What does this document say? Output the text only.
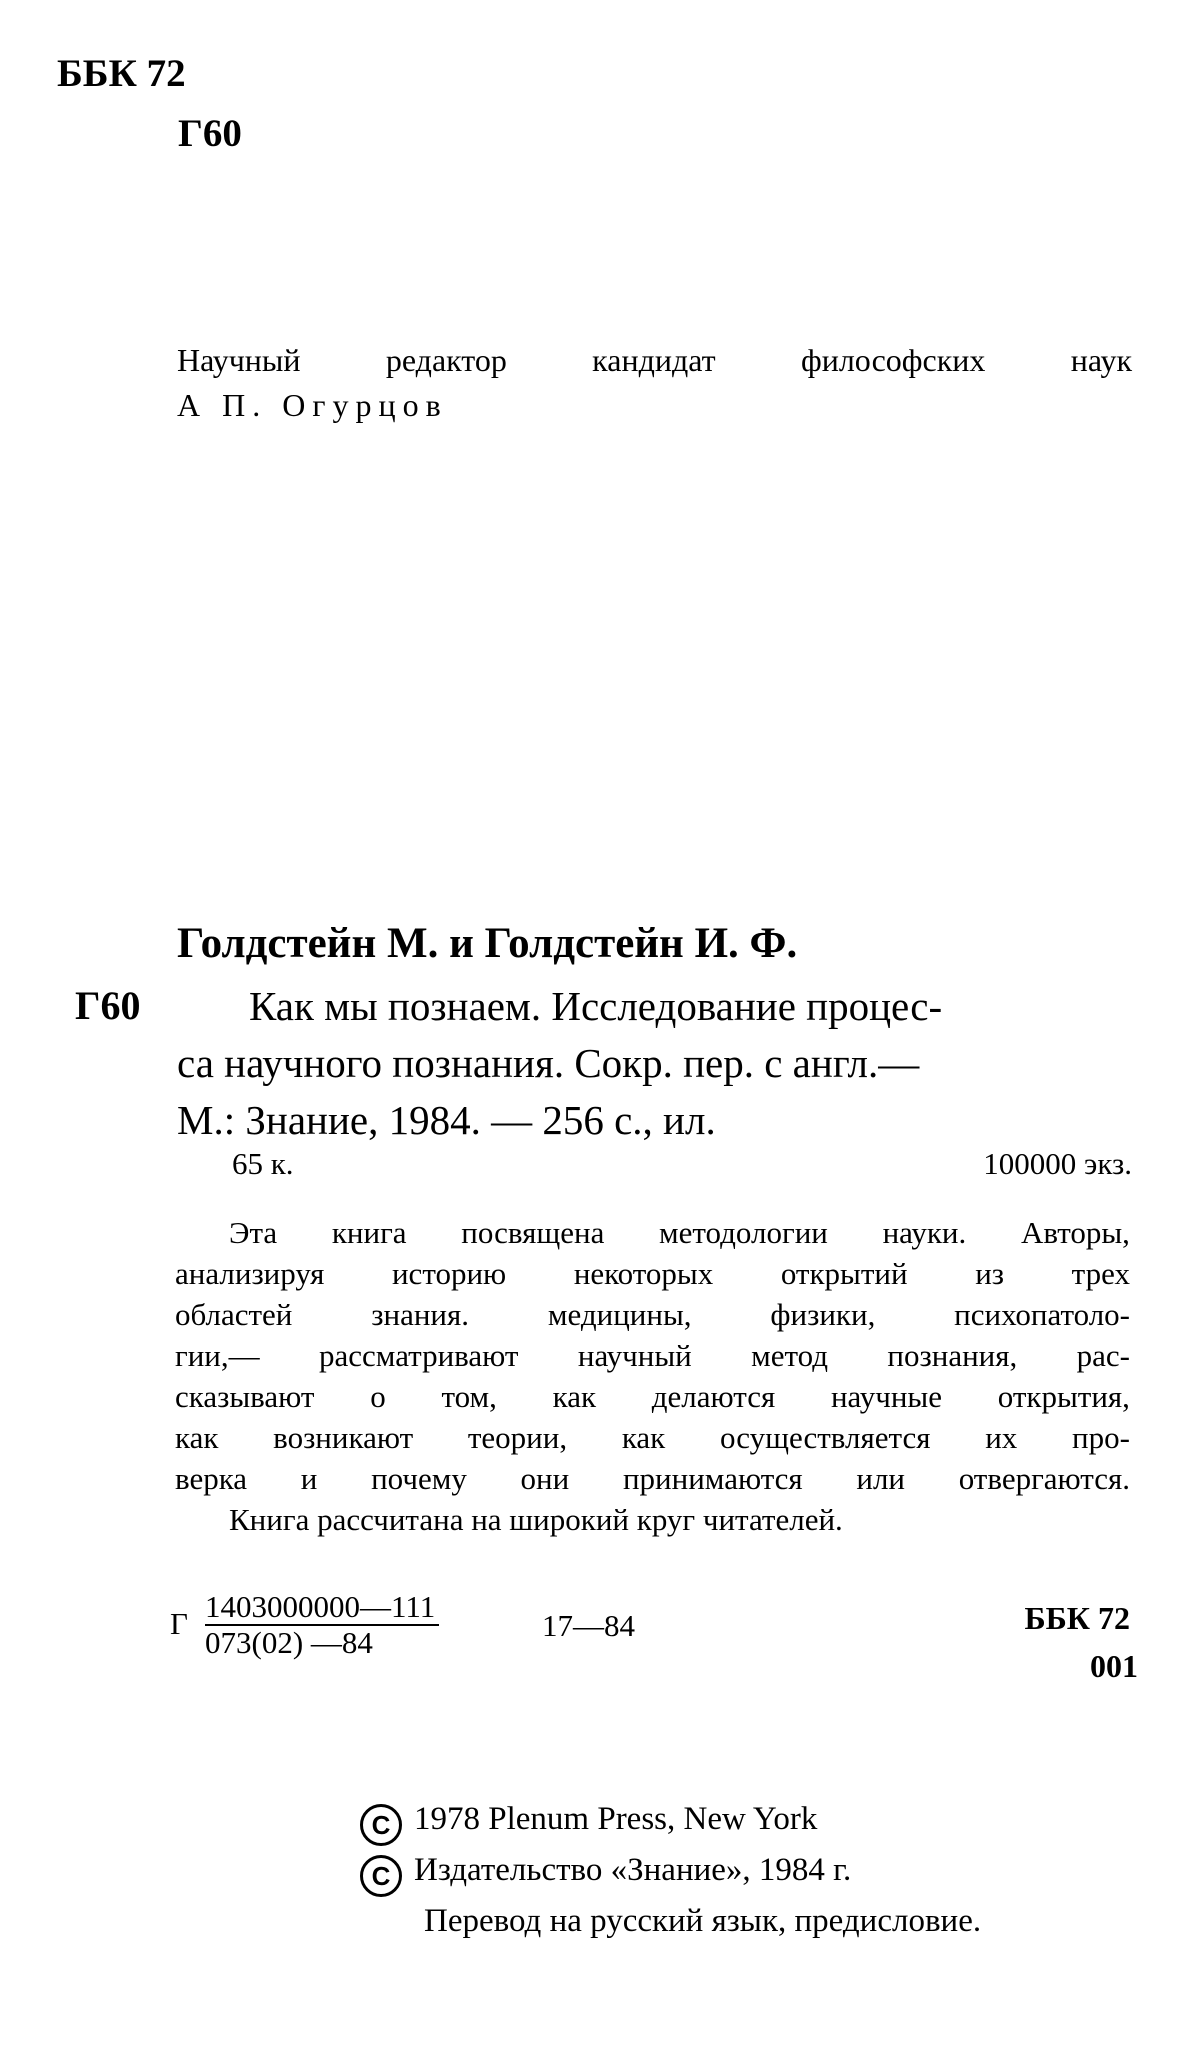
ББК 72
Г60
Научный	редактор	кандидат	философских	наук
А П. Огурцов
Голдстейн М. и Голдстейн И. Ф.
Г60	Как мы познаем. Исследование процес-
са научного познания. Сокр. пер. с англ.—
М.: Знание, 1984. — 256 с., ил.
65 к.	100000 экз.
Эта книга посвящена методологии науки. Авторы,
анализируя историю некоторых открытий из трех
областей	знания.	медицины,	физики,	психопатоло-
гии,— рассматривают научный метод познания, рас-
сказывают о том, как делаются научные открытия,
как возникают теории, как осуществляется их про-
верка и почему они принимаются или отвергаются.
Книга рассчитана на широкий круг читателей.
Г $\frac{1403000000—111}{073(02) —84}$	17—84	ББК 72
001
C 1978 Plenum Press, New York
C Издательство «Знание», 1984 г.
Перевод на русский язык, предисловие.
